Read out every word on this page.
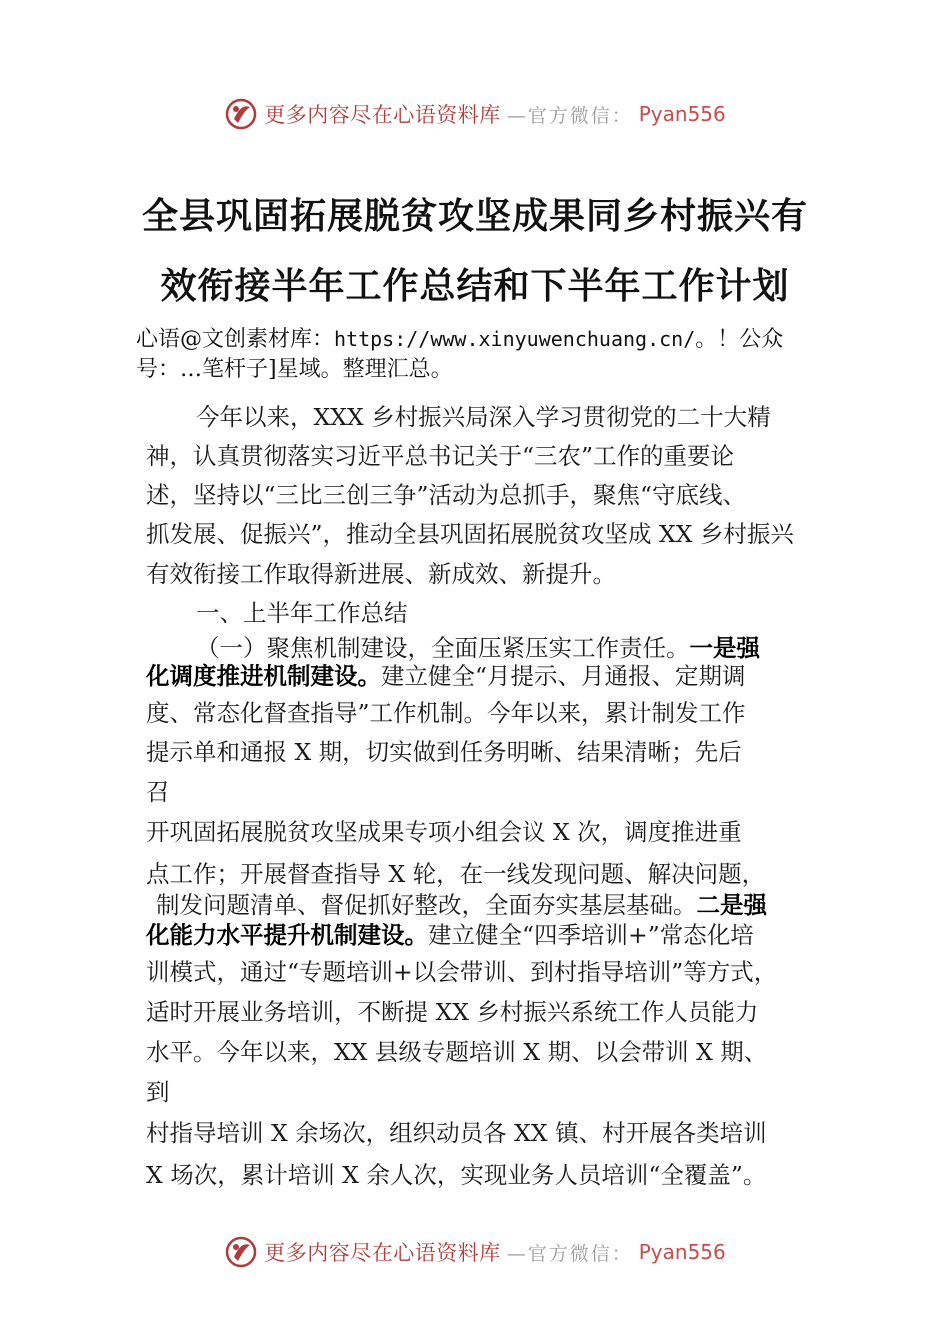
更多内容尽在心语资料库 —官方微信： Pyan556
全县巩固拓展脱贫攻坚成果同乡村振兴有
效衔接半年工作总结和下半年工作计划
心语@文创素材库：https://www.xinyuwenchuang.cn/。！公众
号：…笔杆子]星域。整理汇总。
今年以来，XXX 乡村振兴局深入学习贯彻党的二十大精
神，认真贯彻落实习近平总书记关于“三农”工作的重要论
述，坚持以“三比三创三争”活动为总抓手，聚焦“守底线、
抓发展、促振兴”，推动全县巩固拓展脱贫攻坚成 XX 乡村振兴
有效衔接工作取得新进展、新成效、新提升。
一、上半年工作总结
（一）聚焦机制建设，全面压紧压实工作责任。一是强
化调度推进机制建设。建立健全“月提示、月通报、定期调
度、常态化督查指导”工作机制。今年以来，累计制发工作
提示单和通报 X 期，切实做到任务明晰、结果清晰；先后
召
开巩固拓展脱贫攻坚成果专项小组会议 X 次，调度推进重
点工作；开展督查指导 X 轮，在一线发现问题、解决问题，
制发问题清单、督促抓好整改，全面夯实基层基础。二是强
化能力水平提升机制建设。建立健全“四季培训+”常态化培
训模式，通过“专题培训+以会带训、到村指导培训”等方式，
适时开展业务培训，不断提 XX 乡村振兴系统工作人员能力
水平。今年以来，XX 县级专题培训 X 期、以会带训 X 期、
到
村指导培训 X 余场次，组织动员各 XX 镇、村开展各类培训
X 场次，累计培训 X 余人次，实现业务人员培训“全覆盖”。
更多内容尽在心语资料库 —官方微信： Pyan556
